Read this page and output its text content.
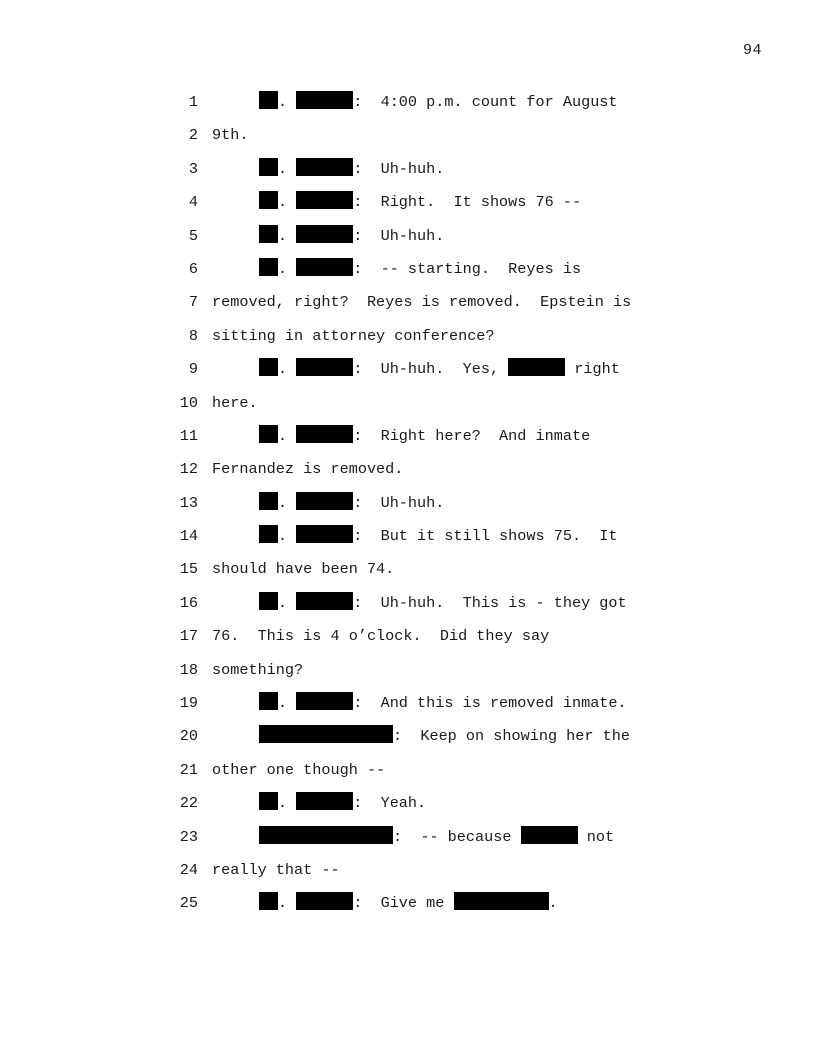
94
1	.	:  4:00 p.m. count for August
2 9th.
3	.	:  Uh-huh.
4	.	:  Right.  It shows 76 --
5	.	:  Uh-huh.
6	.	:  -- starting.  Reyes is
7 removed, right?  Reyes is removed.  Epstein is
8 sitting in attorney conference?
9	.	:  Uh-huh.  Yes,	right
10 here.
11	.	:  Right here?  And inmate
12 Fernandez is removed.
13	.	:  Uh-huh.
14	.	:  But it still shows 75.  It
15 should have been 74.
16	.	:  Uh-huh.  This is - they got
17 76.  This is 4 o’clock.  Did they say
18 something?
19	.	:  And this is removed inmate.
20	:  Keep on showing her the
21 other one though --
22	.	:  Yeah.
23	:  -- because	not
24 really that --
25	.	:  Give me	.
